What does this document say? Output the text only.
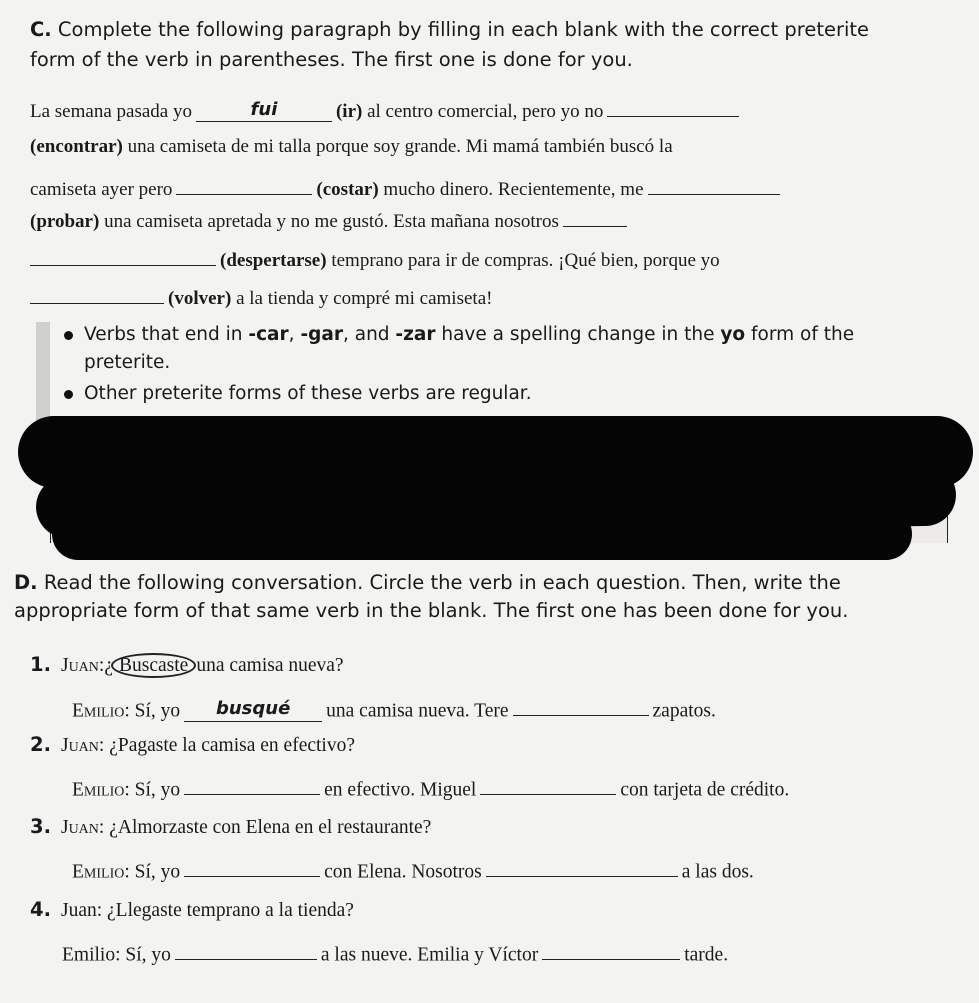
C. Complete the following paragraph by filling in each blank with the correct preterite
form of the verb in parentheses. The first one is done for you.
La semana pasada yo	fui	(ir) al centro comercial, pero yo no
(encontrar) una camiseta de mi talla porque soy grande. Mi mamá también buscó la
camiseta ayer pero	(costar) mucho dinero. Recientemente, me
(probar) una camiseta apretada y no me gustó. Esta mañana nosotros
(despertarse) temprano para ir de compras. ¡Qué bien, porque yo
(volver) a la tienda y compré mi camiseta!
Verbs that end in -car, -gar, and -zar have a spelling change in the yo form of the
preterite.
Other preterite forms of these verbs are regular.
D. Read the following conversation. Circle the verb in each question. Then, write the
appropriate form of that same verb in the blank. The first one has been done for you.
1. Juan:¿ Buscaste una camisa nueva?
Emilio: Sí, yo busqué una camisa nueva. Tere	zapatos.
2. Juan: ¿Pagaste la camisa en efectivo?
Emilio: Sí, yo	en efectivo. Miguel	con tarjeta de crédito.
3. Juan: ¿Almorzaste con Elena en el restaurante?
Emilio: Sí, yo	con Elena. Nosotros	a las dos.
4. Juan: ¿Llegaste temprano a la tienda?
Emilio: Sí, yo	a las nueve. Emilia y Víctor	tarde.
